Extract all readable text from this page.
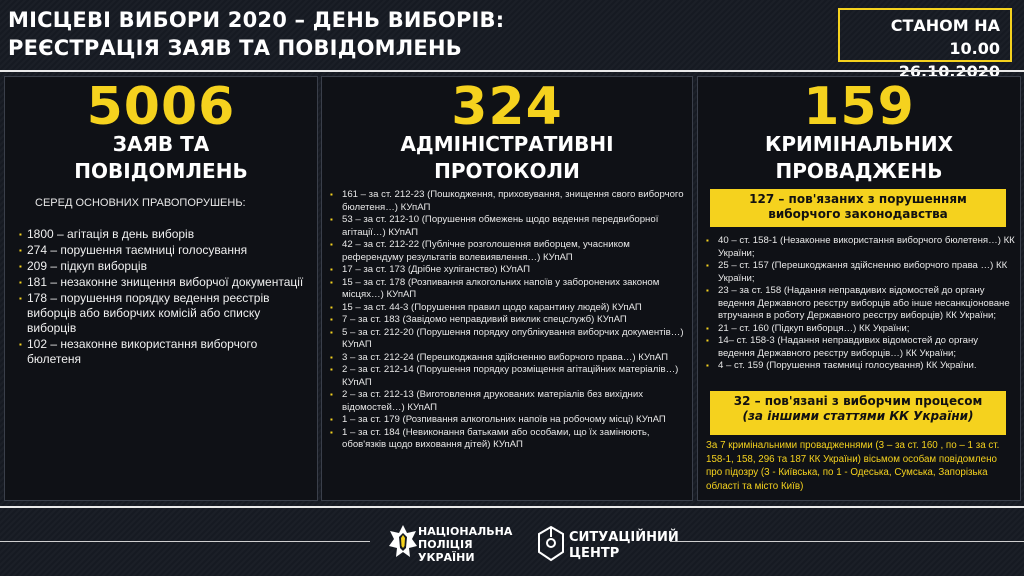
МІСЦЕВІ ВИБОРИ 2020 – ДЕНЬ ВИБОРІВ:
РЕЄСТРАЦІЯ ЗАЯВ ТА ПОВІДОМЛЕНЬ
СТАНОМ НА 10.00
5006
ЗАЯВ ТА
ПОВІДОМЛЕНЬ
СЕРЕД ОСНОВНИХ ПРАВОПОРУШЕНЬ:
▪ 1800 – агітація в день виборів
▪ 274 – порушення таємниці голосування
▪ 209 – підкуп виборців
▪ 181 – незаконне знищення виборчої документації
▪ 178 – порушення порядку ведення реєстрів виборців або виборчих комісій або списку виборців
▪ 102 – незаконне використання виборчого бюлетеня
324
АДМІНІСТРАТИВНІ
ПРОТОКОЛИ
▪ 161 – за ст. 212-23 (Пошкодження, приховування, знищення свого виборчого бюлетеня…) КУпАП
▪ 53 – за ст. 212-10 (Порушення обмежень щодо ведення передвиборної агітації…) КУпАП
▪ 42 – за ст. 212-22 (Публічне розголошення виборцем, учасником референдуму результатів волевиявлення…) КУпАП
▪ 17 – за ст. 173 (Дрібне хуліганство) КУпАП
▪ 15 – за ст. 178 (Розпивання алкогольних напоїв у заборонених законом місцях…) КУпАП
▪ 15 – за ст. 44-3 (Порушення правил щодо карантину людей) КУпАП
▪ 7 – за ст. 183 (Завідомо неправдивий виклик спецслужб) КУпАП
▪ 5 – за ст. 212-20 (Порушення порядку опублікування виборчих документів…) КУпАП
▪ 3 – за ст. 212-24 (Перешкоджання здійсненню виборчого права…) КУпАП
▪ 2 – за ст. 212-14 (Порушення порядку розміщення агітаційних матеріалів…) КУпАП
▪ 2 – за ст. 212-13 (Виготовлення друкованих матеріалів без вихідних відомостей…) КУпАП
▪ 1 – за ст. 179 (Розпивання алкогольних напоїв на робочому місці) КУпАП
▪ 1 – за ст. 184 (Невиконання батьками або особами, що їх замінюють, обов'язків щодо виховання дітей) КУпАП
159
КРИМІНАЛЬНИХ
ПРОВАДЖЕНЬ
127 – пов'язаних з порушенням
виборчого законодавства
▪ 40 – ст. 158-1 (Незаконне використання виборчого бюлетеня…) КК України;
▪ 25 – ст. 157 (Перешкоджання здійсненню виборчого права …) КК України;
▪ 23 – за ст. 158 (Надання неправдивих відомостей до органу ведення Державного реєстру виборців або інше несанкціоноване втручання в роботу Державного реєстру виборців) КК України;
▪ 21 – ст. 160 (Підкуп виборця…) КК України;
▪ 14– ст. 158-3 (Надання неправдивих відомостей до органу ведення Державного реєстру виборців…) КК України;
▪ 4 – ст. 159 (Порушення таємниці голосування) КК України.
32 – пов'язані з виборчим процесом
(за іншими статтями КК України)
За 7 кримінальними провадженнями (3 – за ст. 160 , по – 1 за ст. 158-1, 158, 296 та 187 КК України) вісьмом особам повідомлено про підозру (3 - Київська, по 1 - Одеська, Сумська, Запорізька області та місто Київ)
НАЦІОНАЛЬНА
ПОЛІЦІЯ
УКРАЇНИ
СИТУАЦІЙНИЙ
ЦЕНТР
